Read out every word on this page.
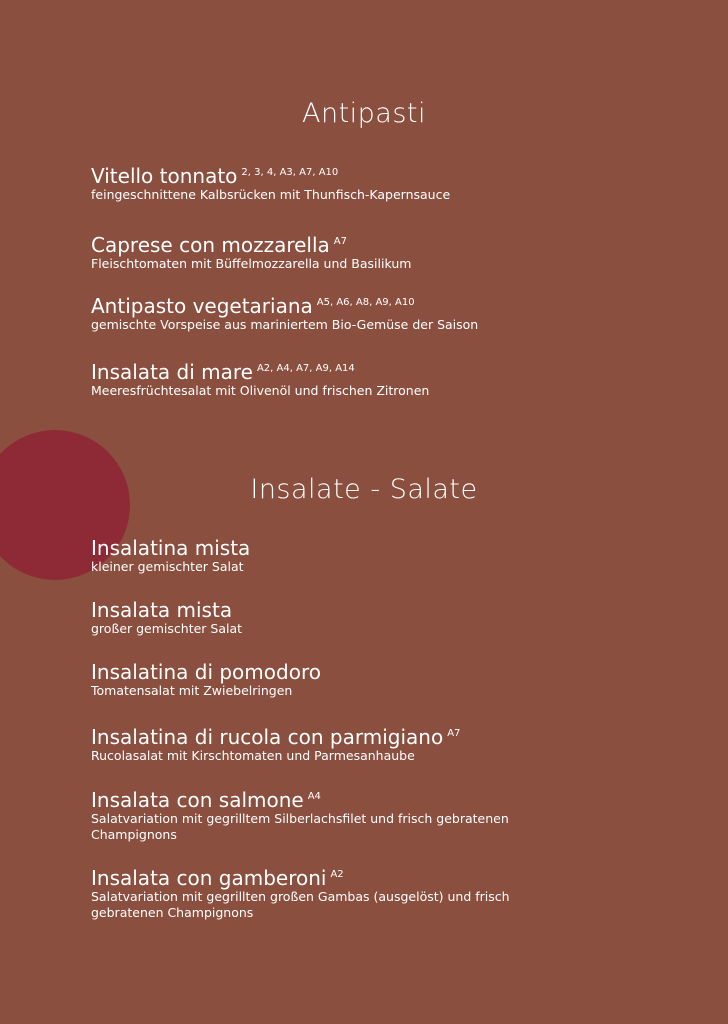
Antipasti
Vitello tonnato $^{2, 3, 4, A3, A7, A10}$
feingeschnittene Kalbsrücken mit Thunfisch-Kapernsauce
Caprese con mozzarella $^{A7}$
Fleischtomaten mit Büffelmozzarella und Basilikum
Antipasto vegetariana $^{A5, A6, A8, A9, A10}$
gemischte Vorspeise aus mariniertem Bio-Gemüse der Saison
Insalata di mare $^{A2, A4, A7, A9, A14}$
Meeresfrüchtesalat mit Olivenöl und frischen Zitronen
Insalate - Salate
Insalatina mista
kleiner gemischter Salat
Insalata mista
großer gemischter Salat
Insalatina di pomodoro
Tomatensalat mit Zwiebelringen
Insalatina di rucola con parmigiano $^{A7}$
Rucolasalat mit Kirschtomaten und Parmesanhaube
Insalata con salmone $^{A4}$
Salatvariation mit gegrilltem Silberlachsfilet und frisch gebratenen Champignons
Insalata con gamberoni $^{A2}$
Salatvariation mit gegrillten großen Gambas (ausgelöst) und frisch gebratenen Champignons
